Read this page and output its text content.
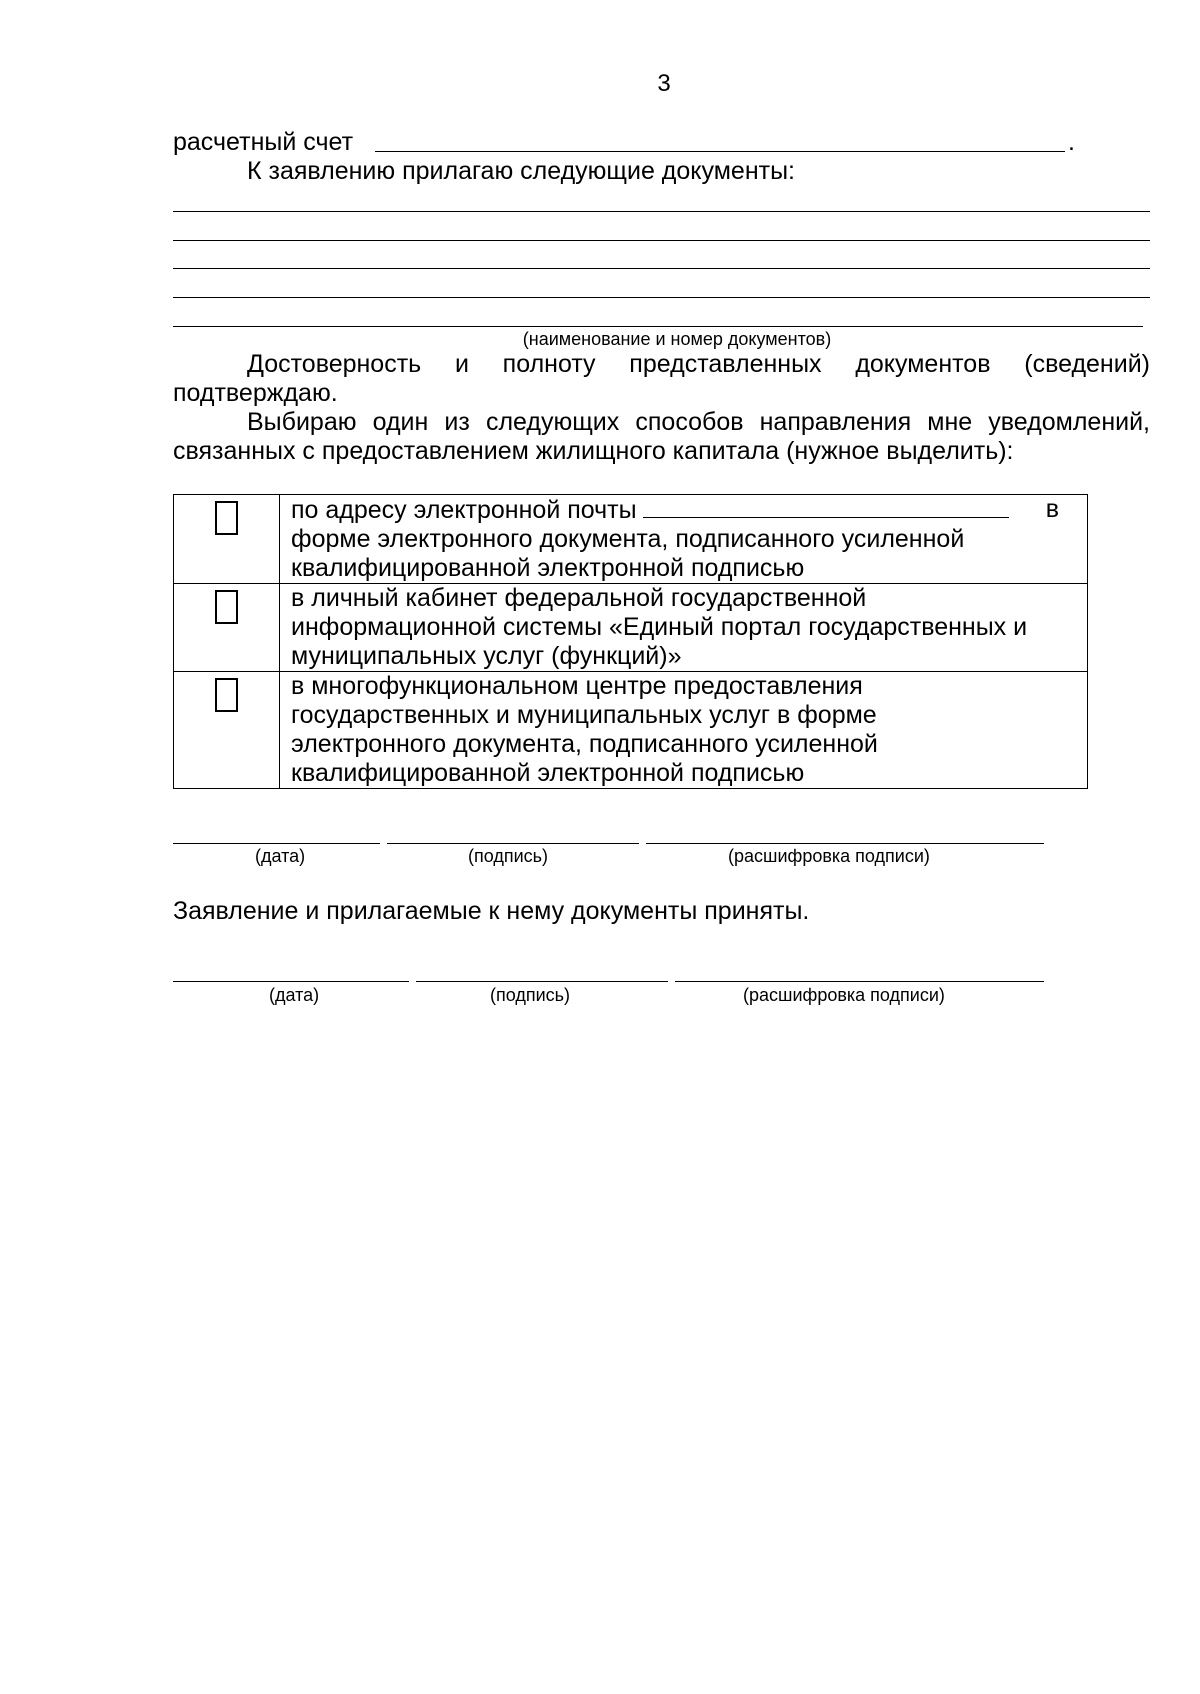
3
расчетный счет	.
К заявлению прилагаю следующие документы:
(наименование и номер документов)
Достоверность и полноту представленных документов (сведений)
подтверждаю.
Выбираю один из следующих способов направления мне уведомлений,
связанных с предоставлением жилищного капитала (нужное выделить):

	по адресу электронной почты в
форме электронного документа, подписанного усиленной
квалифицированной электронной подписью

	в личный кабинет федеральной государственной
информационной системы «Единый портал государственных и
муниципальных услуг (функций)»

	в многофункциональном центре предоставления
государственных и муниципальных услуг в форме
электронного документа, подписанного усиленной
квалифицированной электронной подписью
(дата)	(подпись)	(расшифровка подписи)
Заявление и прилагаемые к нему документы приняты.
(дата)	(подпись)	(расшифровка подписи)
